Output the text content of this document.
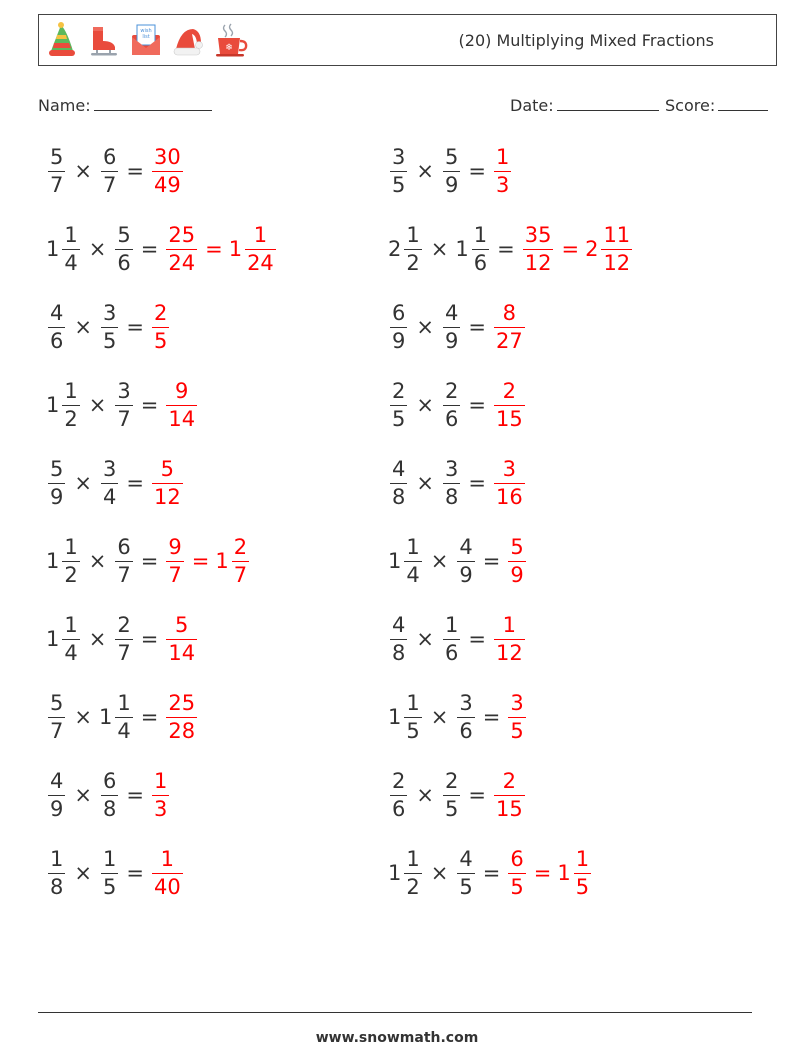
wish
list
❄	(20) Multiplying Mixed Fractions
Name:	Date:	Score:
$\frac{5}{7} \times \frac{6}{7} = \frac{30}{49}$	$\frac{3}{5} \times \frac{5}{9} = \frac{1}{3}$
$1 \frac{1}{4} \times \frac{5}{6} = \frac{25}{24} = 1 \frac{1}{24}$	$2 \frac{1}{2} \times 1 \frac{1}{6} = \frac{35}{12} = 2 \frac{11}{12}$
$\frac{4}{6} \times \frac{3}{5} = \frac{2}{5}$	$\frac{6}{9} \times \frac{4}{9} = \frac{8}{27}$
$1 \frac{1}{2} \times \frac{3}{7} = \frac{9}{14}$	$\frac{2}{5} \times \frac{2}{6} = \frac{2}{15}$
$\frac{5}{9} \times \frac{3}{4} = \frac{5}{12}$	$\frac{4}{8} \times \frac{3}{8} = \frac{3}{16}$
$1 \frac{1}{2} \times \frac{6}{7} = \frac{9}{7} = 1 \frac{2}{7}$	$1 \frac{1}{4} \times \frac{4}{9} = \frac{5}{9}$
$1 \frac{1}{4} \times \frac{2}{7} = \frac{5}{14}$	$\frac{4}{8} \times \frac{1}{6} = \frac{1}{12}$
$\frac{5}{7} \times 1 \frac{1}{4} = \frac{25}{28}$	$1 \frac{1}{5} \times \frac{3}{6} = \frac{3}{5}$
$\frac{4}{9} \times \frac{6}{8} = \frac{1}{3}$	$\frac{2}{6} \times \frac{2}{5} = \frac{2}{15}$
$\frac{1}{8} \times \frac{1}{5} = \frac{1}{40}$	$1 \frac{1}{2} \times \frac{4}{5} = \frac{6}{5} = 1 \frac{1}{5}$
www.snowmath.com
